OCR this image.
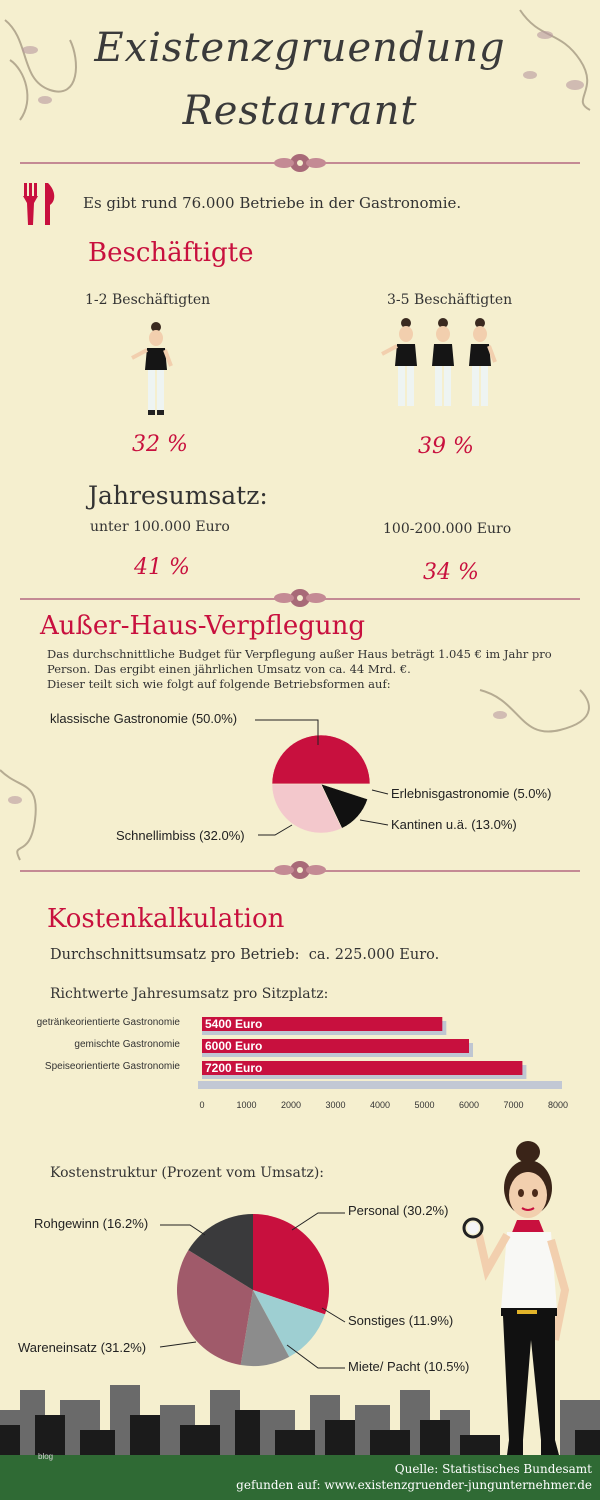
Existenzgruendung
Restaurant
Es gibt rund 76.000 Betriebe in der Gastronomie.
Beschäftigte
1-2 Beschäftigten	3-5 Beschäftigten
32 %	39 %
Jahresumsatz:
unter 100.000 Euro	100-200.000 Euro
41 %	34 %
Außer-Haus-Verpflegung
Das durchschnittliche Budget für Verpflegung außer Haus beträgt 1.045 € im Jahr pro
Person. Das ergibt einen jährlichen Umsatz von ca. 44 Mrd. €.
Dieser teilt sich wie folgt auf folgende Betriebsformen auf:
klassische Gastronomie (50.0%)
Erlebnisgastronomie (5.0%)
Kantinen u.ä. (13.0%)
Schnellimbiss (32.0%)
Kostenkalkulation
Durchschnittsumsatz pro Betrieb: ca. 225.000 Euro.
Richtwerte Jahresumsatz pro Sitzplatz:
getränkeorientierte Gastronomie
gemischte Gastronomie
Speiseorientierte Gastronomie
5400 Euro
6000 Euro
7200 Euro
0	1000	2000	3000	4000	5000	6000	7000	8000
Kostenstruktur (Prozent vom Umsatz):
Personal (30.2%)
Rohgewinn (16.2%)
Sonstiges (11.9%)
Miete/ Pacht (10.5%)
Wareneinsatz (31.2%)
blog
Quelle: Statistisches Bundesamt
gefunden auf: www.existenzgruender-jungunternehmer.de
